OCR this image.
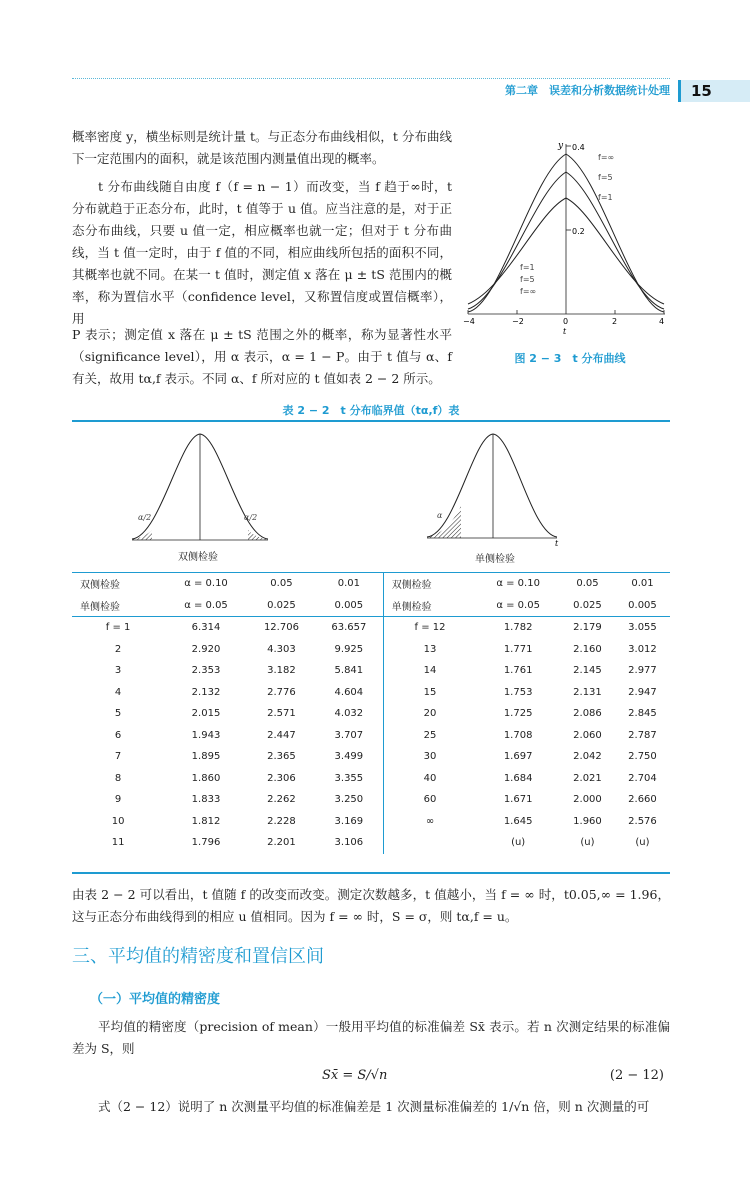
第二章　误差和分析数据统计处理	15
概率密度 y，横坐标则是统计量 t。与正态分布曲线相似，t 分布曲线下一定范围内的面积，就是该范围内测量值出现的概率。
t 分布曲线随自由度 f（f = n − 1）而改变，当 f 趋于∞时，t 分布就趋于正态分布，此时，t 值等于 u 值。应当注意的是，对于正态分布曲线，只要 u 值一定，相应概率也就一定；但对于 t 分布曲线，当 t 值一定时，由于 f 值的不同，相应曲线所包括的面积不同，其概率也就不同。在某一 t 值时，测定值 x 落在 μ ± tS 范围内的概率，称为置信水平（confidence level，又称置信度或置信概率），用
P 表示；测定值 x 落在 μ ± tS 范围之外的概率，称为显著性水平（significance level），用 α 表示，α = 1 − P。由于 t 值与 α、f 有关，故用 tα,f 表示。不同 α、f 所对应的 t 值如表 2 − 2 所示。
y 0.4
0.2
−4	−2	0	2	4
t
f=∞
f=5
f=1
f=1
f=5
f=∞
图 2 − 3　t 分布曲线
表 2 − 2　t 分布临界值（tα,f）表
α/2	α/2
双侧检验
α
t
单侧检验
双侧检验	α = 0.10	0.05	0.01	双侧检验	α = 0.10	0.05	0.01
单侧检验	α = 0.05	0.025	0.005	单侧检验	α = 0.05	0.025	0.005
f = 1	6.314	12.706	63.657	f = 12	1.782	2.179	3.055
2	2.920	4.303	9.925	13	1.771	2.160	3.012
3	2.353	3.182	5.841	14	1.761	2.145	2.977
4	2.132	2.776	4.604	15	1.753	2.131	2.947
5	2.015	2.571	4.032	20	1.725	2.086	2.845
6	1.943	2.447	3.707	25	1.708	2.060	2.787
7	1.895	2.365	3.499	30	1.697	2.042	2.750
8	1.860	2.306	3.355	40	1.684	2.021	2.704
9	1.833	2.262	3.250	60	1.671	2.000	2.660
10	1.812	2.228	3.169	∞	1.645	1.960	2.576
11	1.796	2.201	3.106		(u)	(u)	(u)
由表 2 − 2 可以看出，t 值随 f 的改变而改变。测定次数越多，t 值越小，当 f = ∞ 时，t0.05,∞ = 1.96，这与正态分布曲线得到的相应 u 值相同。因为 f = ∞ 时，S = σ，则 tα,f = u。
三、平均值的精密度和置信区间
（一）平均值的精密度
平均值的精密度（precision of mean）一般用平均值的标准偏差 Sx̄ 表示。若 n 次测定结果的标准偏差为 S，则
Sx̄ = S/√n	(2 − 12)
式（2 − 12）说明了 n 次测量平均值的标准偏差是 1 次测量标准偏差的 1/√n 倍，则 n 次测量的可
